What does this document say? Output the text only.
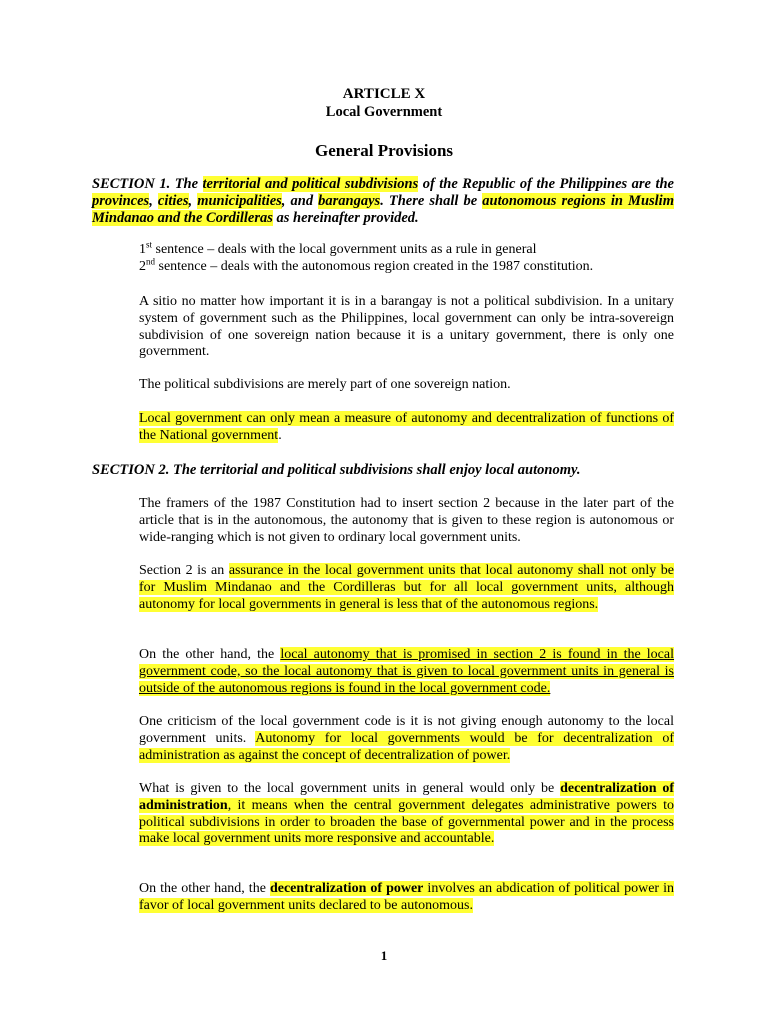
ARTICLE X
Local Government
General Provisions
SECTION 1. The territorial and political subdivisions of the Republic of the Philippines are the provinces, cities, municipalities, and barangays. There shall be autonomous regions in Muslim Mindanao and the Cordilleras as hereinafter provided.
1st sentence – deals with the local government units as a rule in general
2nd sentence – deals with the autonomous region created in the 1987 constitution.

A sitio no matter how important it is in a barangay is not a political subdivision. In a unitary system of government such as the Philippines, local government can only be intra-sovereign subdivision of one sovereign nation because it is a unitary government, there is only one government.

The political subdivisions are merely part of one sovereign nation.

Local government can only mean a measure of autonomy and decentralization of functions of the National government.

SECTION 2. The territorial and political subdivisions shall enjoy local autonomy.

The framers of the 1987 Constitution had to insert section 2 because in the later part of the article that is in the autonomous, the autonomy that is given to these region is autonomous or wide-ranging which is not given to ordinary local government units.

Section 2 is an assurance in the local government units that local autonomy shall not only be for Muslim Mindanao and the Cordilleras but for all local government units, although autonomy for local governments in general is less that of the autonomous regions.

On the other hand, the local autonomy that is promised in section 2 is found in the local government code, so the local autonomy that is given to local government units in general is outside of the autonomous regions is found in the local government code.

One criticism of the local government code is it is not giving enough autonomy to the local government units. Autonomy for local governments would be for decentralization of administration as against the concept of decentralization of power.

What is given to the local government units in general would only be decentralization of administration, it means when the central government delegates administrative powers to political subdivisions in order to broaden the base of governmental power and in the process make local government units more responsive and accountable.

On the other hand, the decentralization of power involves an abdication of political power in favor of local government units declared to be autonomous.

1
